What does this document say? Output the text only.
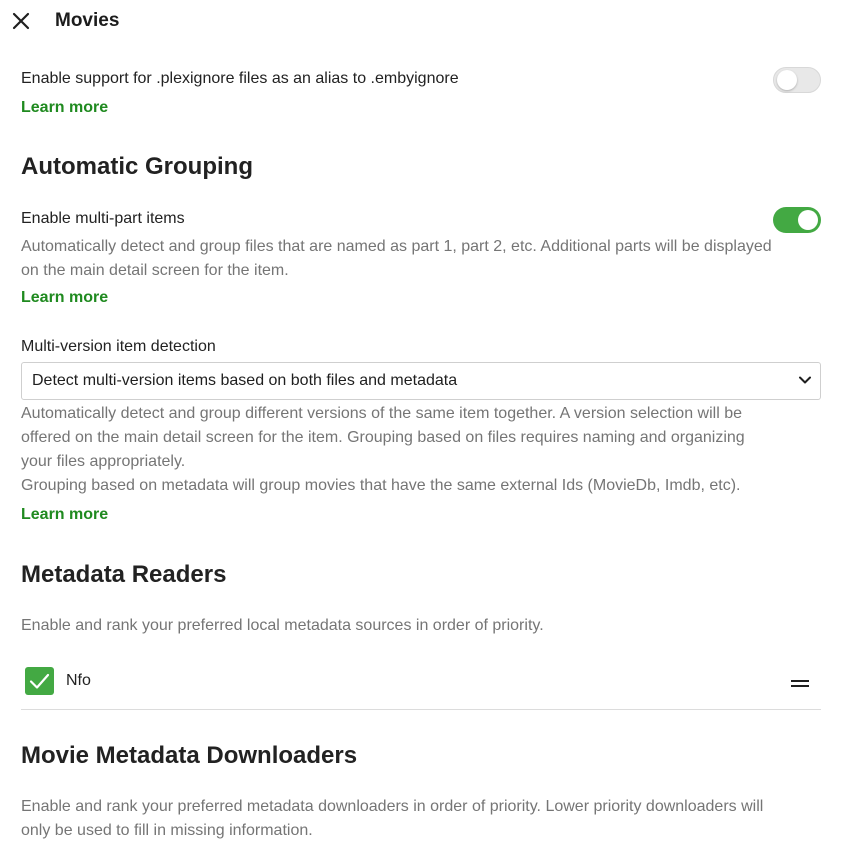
Movies
Enable support for .plexignore files as an alias to .embyignore
Learn more
Automatic Grouping
Enable multi-part items
Automatically detect and group files that are named as part 1, part 2, etc. Additional parts will be displayed
on the main detail screen for the item.
Learn more
Multi-version item detection
Detect multi-version items based on both files and metadata
Automatically detect and group different versions of the same item together. A version selection will be
offered on the main detail screen for the item. Grouping based on files requires naming and organizing
your files appropriately.
Grouping based on metadata will group movies that have the same external Ids (MovieDb, Imdb, etc).
Learn more
Metadata Readers
Enable and rank your preferred local metadata sources in order of priority.
Nfo
Movie Metadata Downloaders
Enable and rank your preferred metadata downloaders in order of priority. Lower priority downloaders will
only be used to fill in missing information.
